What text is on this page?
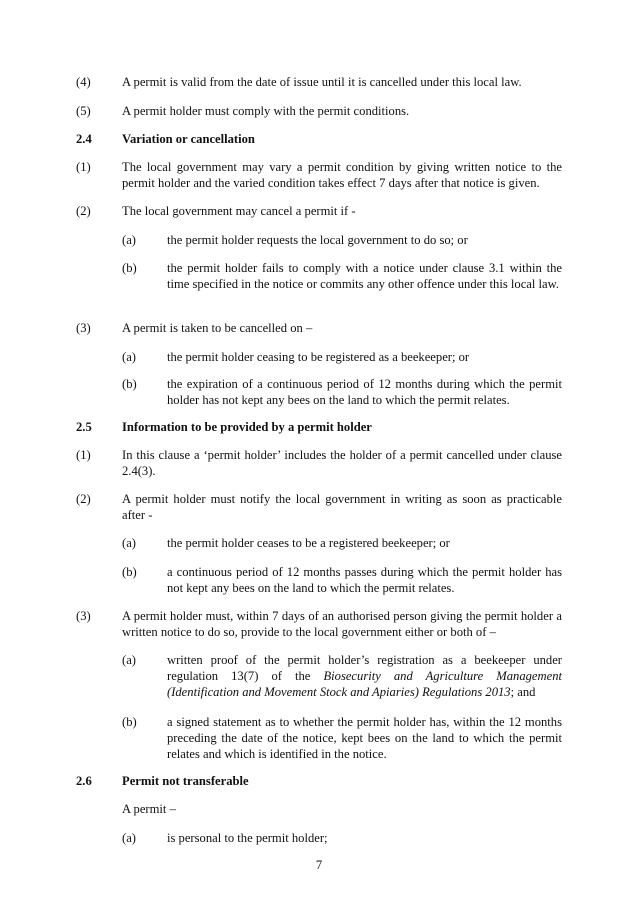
(4) A permit is valid from the date of issue until it is cancelled under this local law.
(5) A permit holder must comply with the permit conditions.
2.4 Variation or cancellation
(1) The local government may vary a permit condition by giving written notice to the permit holder and the varied condition takes effect 7 days after that notice is given.
(2) The local government may cancel a permit if -
(a) the permit holder requests the local government to do so; or
(b) the permit holder fails to comply with a notice under clause 3.1 within the time specified in the notice or commits any other offence under this local law.
(3) A permit is taken to be cancelled on –
(a) the permit holder ceasing to be registered as a beekeeper; or
(b) the expiration of a continuous period of 12 months during which the permit holder has not kept any bees on the land to which the permit relates.
2.5 Information to be provided by a permit holder
(1) In this clause a ‘permit holder’ includes the holder of a permit cancelled under clause 2.4(3).
(2) A permit holder must notify the local government in writing as soon as practicable after -
(a) the permit holder ceases to be a registered beekeeper; or
(b) a continuous period of 12 months passes during which the permit holder has not kept any bees on the land to which the permit relates.
(3) A permit holder must, within 7 days of an authorised person giving the permit holder a written notice to do so, provide to the local government either or both of –
(a) written proof of the permit holder’s registration as a beekeeper under regulation 13(7) of the Biosecurity and Agriculture Management (Identification and Movement Stock and Apiaries) Regulations 2013; and
(b) a signed statement as to whether the permit holder has, within the 12 months preceding the date of the notice, kept bees on the land to which the permit relates and which is identified in the notice.
2.6 Permit not transferable
A permit –
(a) is personal to the permit holder;
7
